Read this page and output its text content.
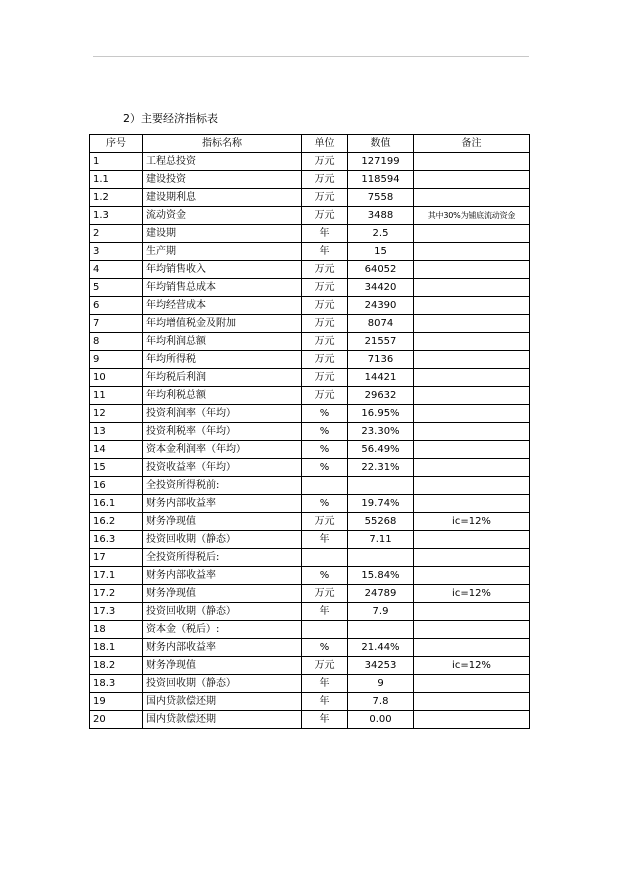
2）主要经济指标表
序号	指标名称	单位	数值	备注
1	工程总投资	万元	127199	
1.1	建设投资	万元	118594	
1.2	建设期利息	万元	7558	
1.3	流动资金	万元	3488	其中30%为铺底流动资金
2	建设期	年	2.5	
3	生产期	年	15	
4	年均销售收入	万元	64052	
5	年均销售总成本	万元	34420	
6	年均经营成本	万元	24390	
7	年均增值税金及附加	万元	8074	
8	年均利润总额	万元	21557	
9	年均所得税	万元	7136	
10	年均税后利润	万元	14421	
11	年均利税总额	万元	29632	
12	投资利润率（年均）	%	16.95%	
13	投资利税率（年均）	%	23.30%	
14	资本金利润率（年均）	%	56.49%	
15	投资收益率（年均）	%	22.31%	
16	全投资所得税前:			
16.1	财务内部收益率	%	19.74%	
16.2	财务净现值	万元	55268	ic=12%
16.3	投资回收期（静态）	年	7.11	
17	全投资所得税后:			
17.1	财务内部收益率	%	15.84%	
17.2	财务净现值	万元	24789	ic=12%
17.3	投资回收期（静态）	年	7.9	
18	资本金（税后）:			
18.1	财务内部收益率	%	21.44%	
18.2	财务净现值	万元	34253	ic=12%
18.3	投资回收期（静态）	年	9	
19	国内贷款偿还期	年	7.8	
20	国内贷款偿还期	年	0.00	
